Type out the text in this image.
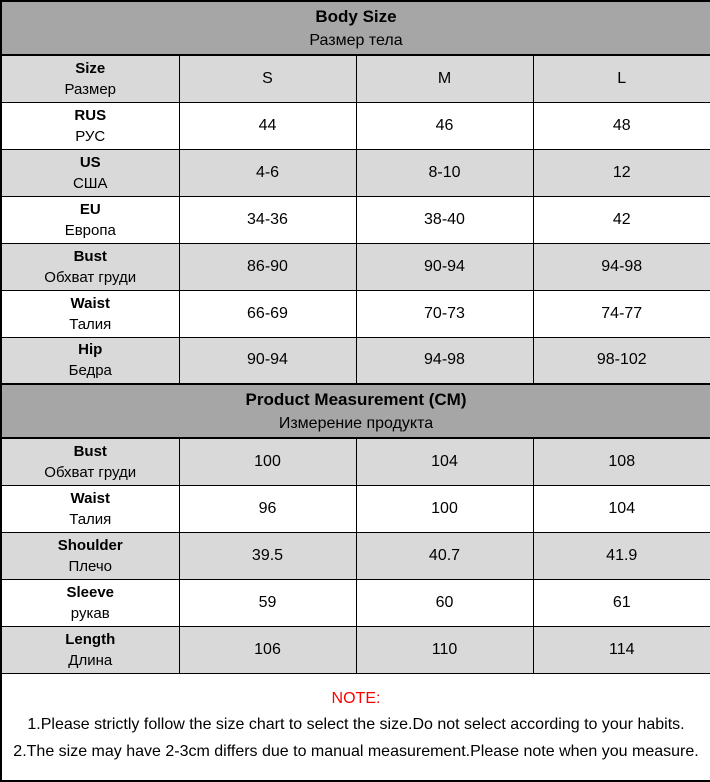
Body Size
Размер тела			

Size
Размер	S	M	L

RUS
РУС	44	46	48

US
США	4-6	8-10	12

EU
Европа	34-36	38-40	42

Bust
Обхват груди	86-90	90-94	94-98

Waist
Талия	66-69	70-73	74-77

Hip
Бедра	90-94	94-98	98-102

Product Measurement (CM)
Измерение продукта			

Bust
Обхват груди	100	104	108

Waist
Талия	96	100	104

Shoulder
Плечо	39.5	40.7	41.9

Sleeve
рукав	59	60	61

Length
Длина	106	110	114

NOTE:
1.Please strictly follow the size chart to select the size.Do not select according to your habits.
2.The size may have 2-3cm differs due to manual measurement.Please note when you measure.			
